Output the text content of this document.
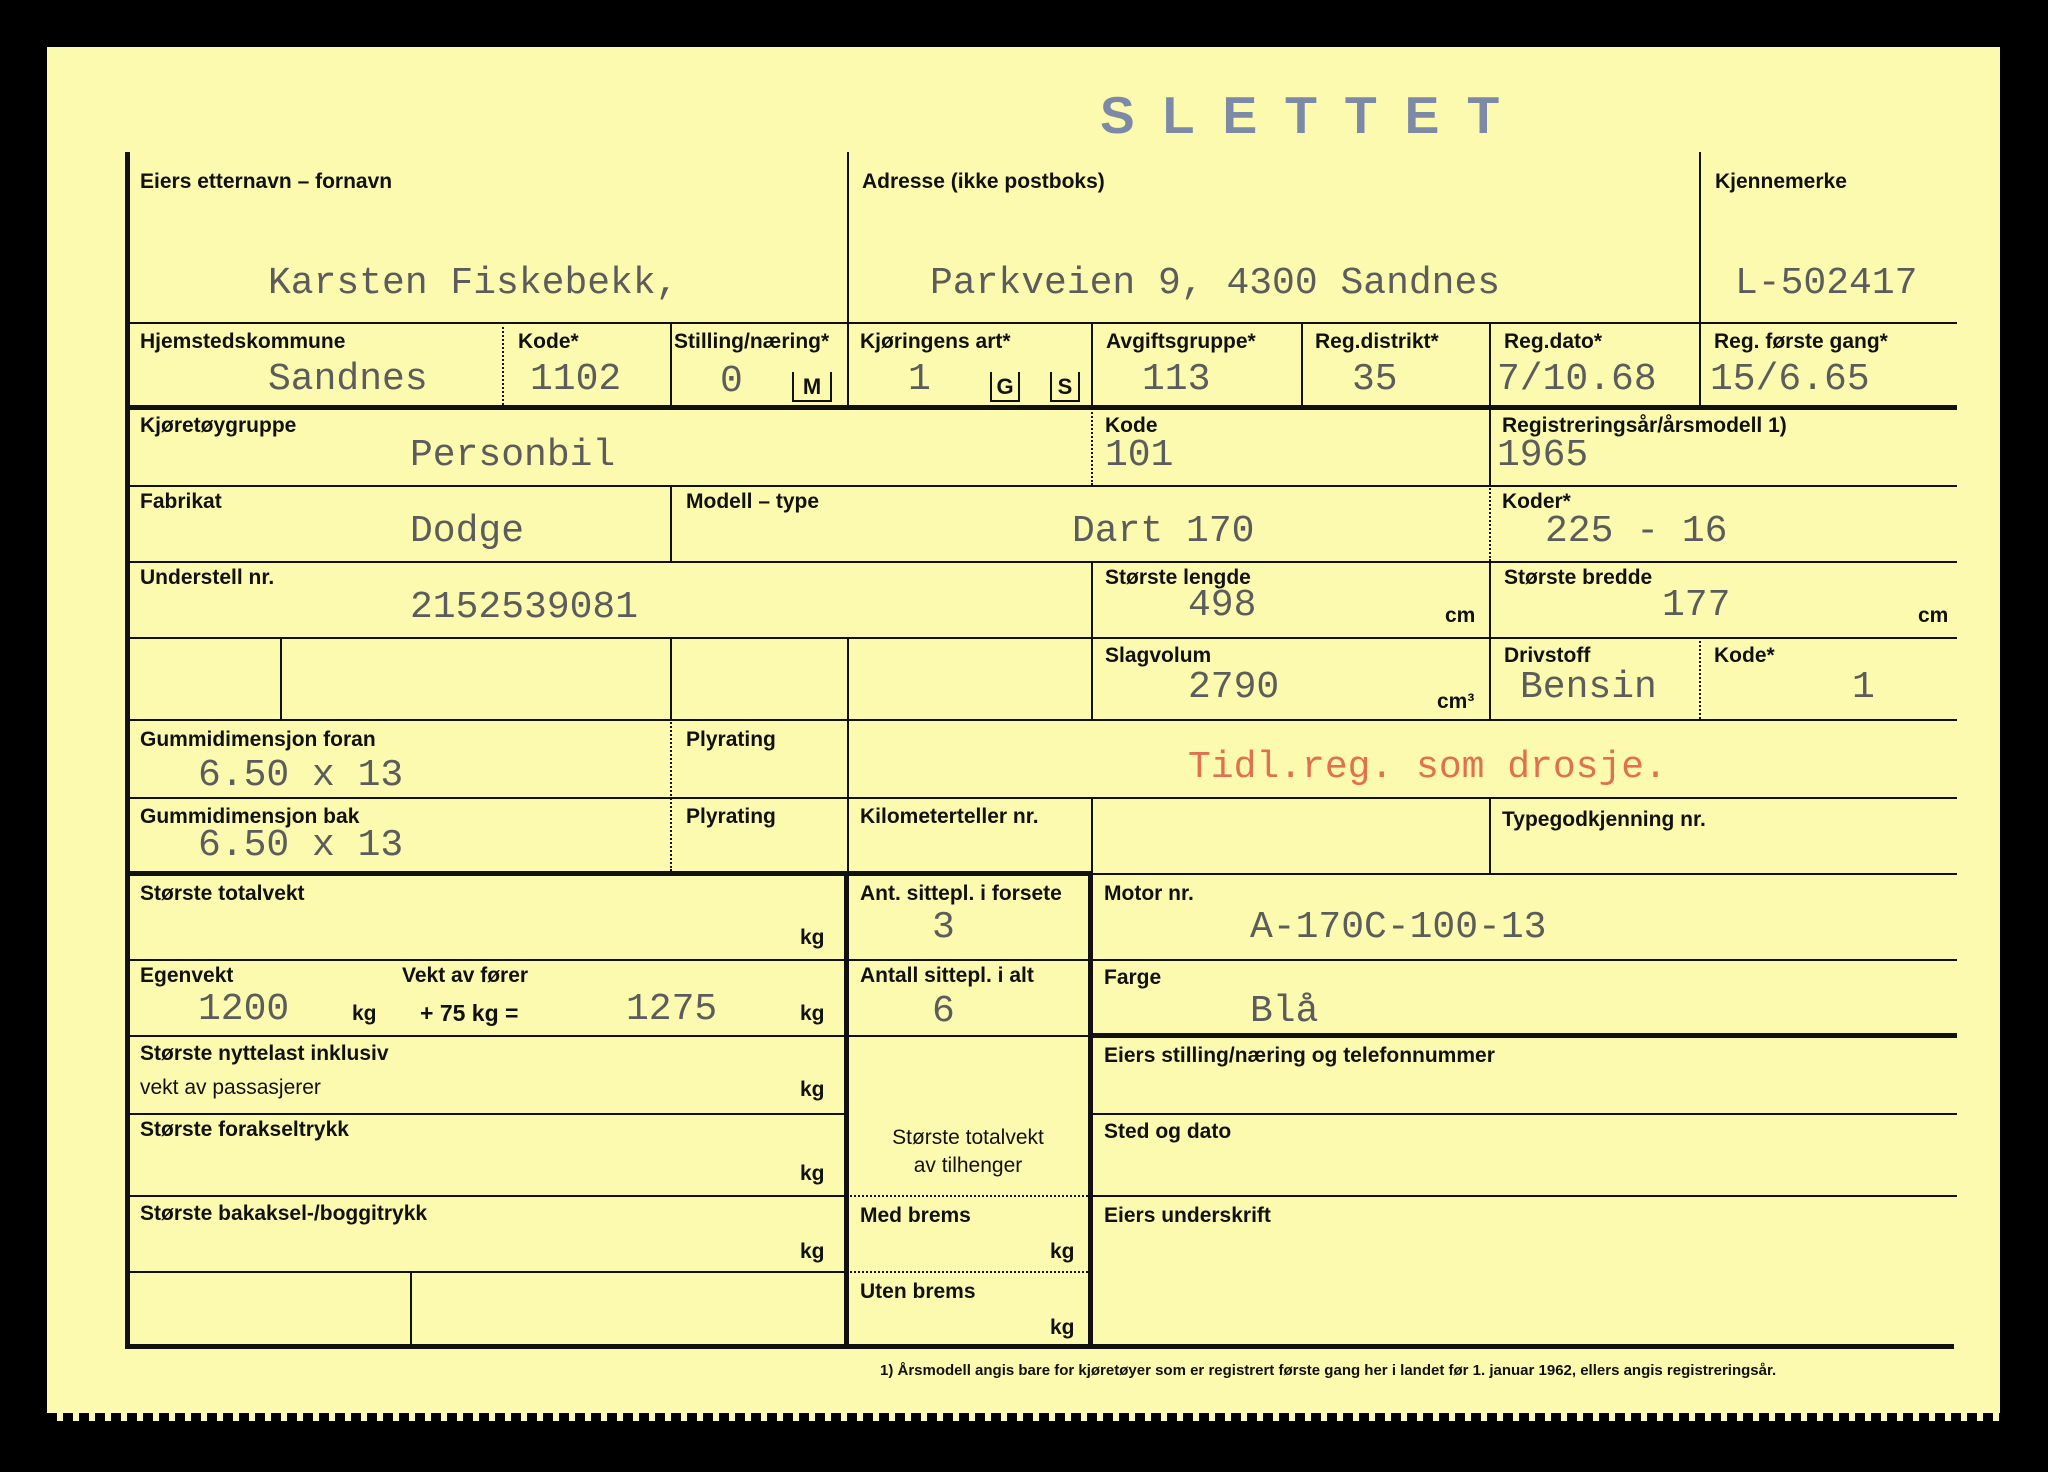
SLETTET
Eiers etternavn – fornavn
Karsten Fiskebekk,
Adresse (ikke postboks)
Parkveien 9, 4300 Sandnes
Kjennemerke
L-502417
Hjemstedskommune
Sandnes
Kode*
1102
Stilling/næring*
0	M
Kjøringens art*
1	G	S
Avgiftsgruppe*
113
Reg.distrikt*
35
Reg.dato*
7/10.68
Reg. første gang*
15/6.65
Kjøretøygruppe
Personbil
Kode
101
Registreringsår/årsmodell 1)
1965
Fabrikat
Dodge
Modell – type
Dart 170
Koder*
225 - 16
Understell nr.
2152539081
Største lengde
498	cm
Største bredde
177	cm
Slagvolum
2790	cm³
Drivstoff
Bensin
Kode*
1
Gummidimensjon foran
6.50 x 13
Plyrating
Tidl.reg. som drosje.
Gummidimensjon bak
6.50 x 13
Plyrating	Kilometerteller nr.	Typegodkjenning nr.
Største totalvekt
kg
Ant. sittepl. i forsete
3
Motor nr.
A-170C-100-13
Egenvekt
1200	kg
Vekt av fører
+ 75 kg =	1275	kg
Antall sittepl. i alt
6
Farge
Blå
Største nyttelast inklusiv
vekt av passasjerer	kg
Eiers stilling/næring og telefonnummer
Største forakseltrykk
kg
Største totalvekt
av tilhenger
Sted og dato
Største bakaksel-/boggitrykk
kg
Med brems
kg
Eiers underskrift
Uten brems
kg
1) Årsmodell angis bare for kjøretøyer som er registrert første gang her i landet før 1. januar 1962, ellers angis registreringsår.
